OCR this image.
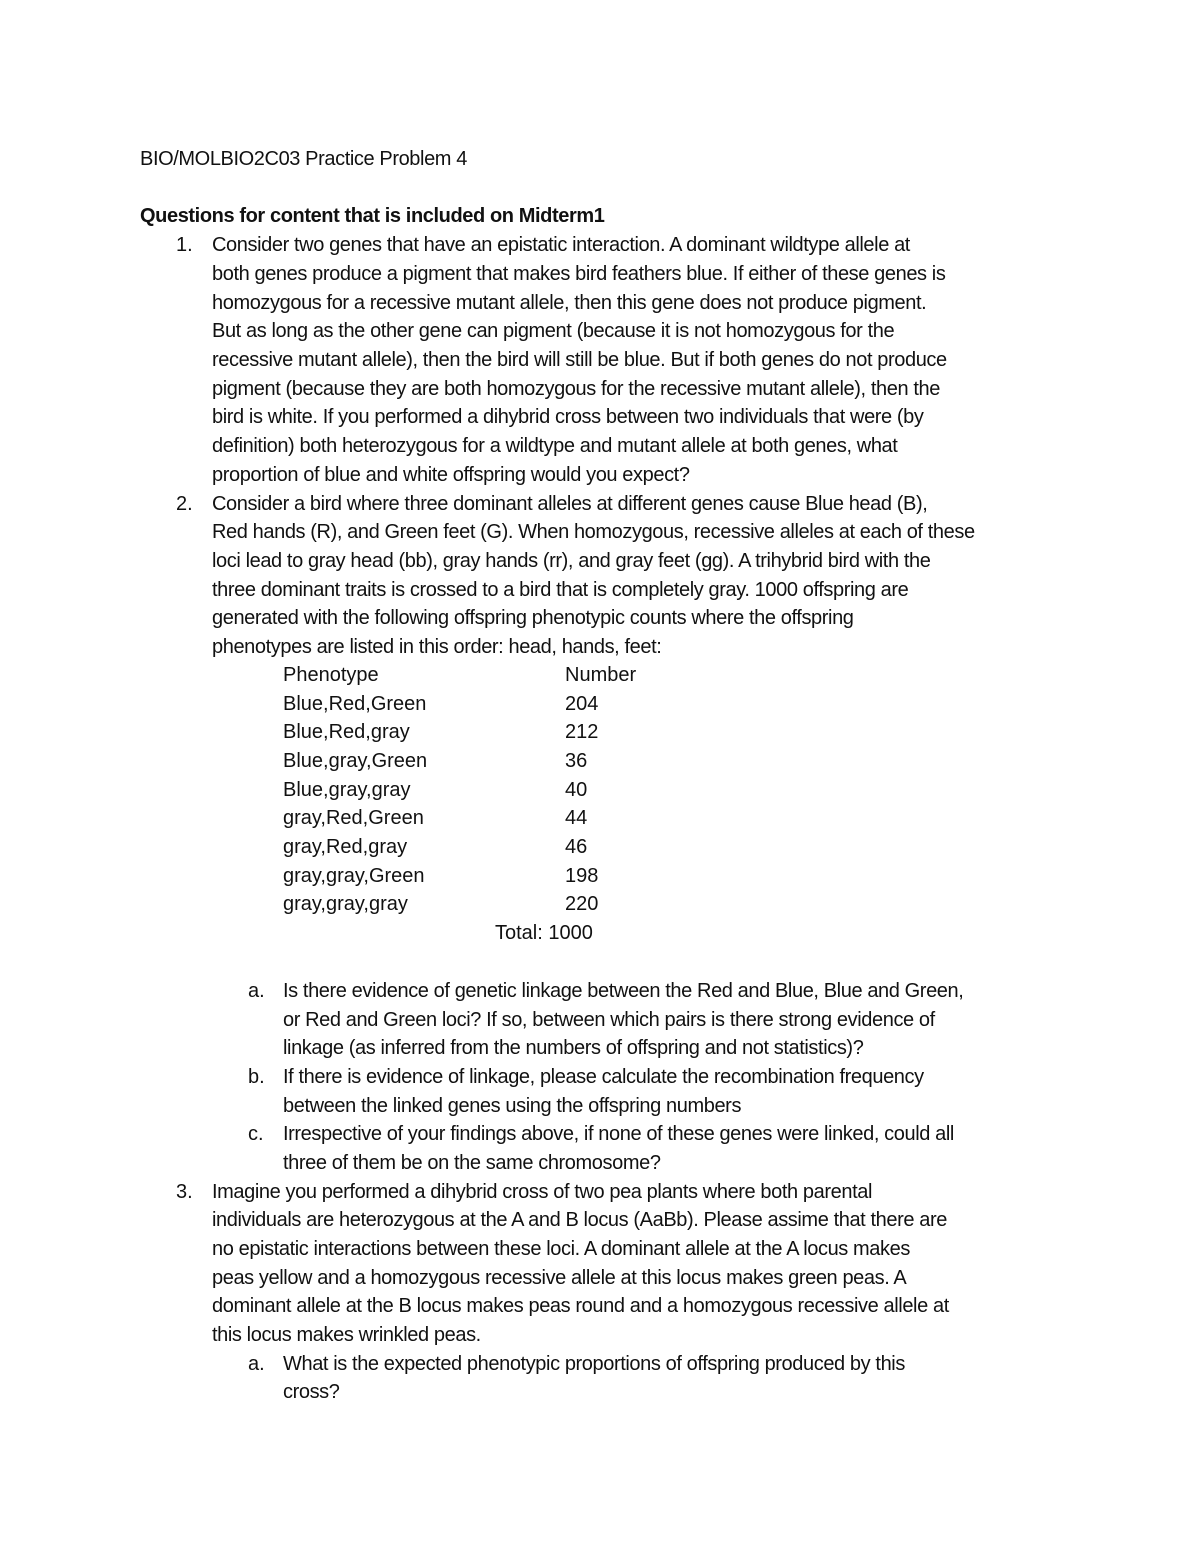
BIO/MOLBIO2C03 Practice Problem 4
Questions for content that is included on Midterm1
1. Consider two genes that have an epistatic interaction. A dominant wildtype allele at
both genes produce a pigment that makes bird feathers blue. If either of these genes is
homozygous for a recessive mutant allele, then this gene does not produce pigment.
But as long as the other gene can pigment (because it is not homozygous for the
recessive mutant allele), then the bird will still be blue. But if both genes do not produce
pigment (because they are both homozygous for the recessive mutant allele), then the
bird is white. If you performed a dihybrid cross between two individuals that were (by
definition) both heterozygous for a wildtype and mutant allele at both genes, what
proportion of blue and white offspring would you expect?
2. Consider a bird where three dominant alleles at different genes cause Blue head (B),
Red hands (R), and Green feet (G). When homozygous, recessive alleles at each of these
loci lead to gray head (bb), gray hands (rr), and gray feet (gg). A trihybrid bird with the
three dominant traits is crossed to a bird that is completely gray. 1000 offspring are
generated with the following offspring phenotypic counts where the offspring
phenotypes are listed in this order: head, hands, feet:
Phenotype	Number
Blue,Red,Green	204
Blue,Red,gray	212
Blue,gray,Green	36
Blue,gray,gray	40
gray,Red,Green	44
gray,Red,gray	46
gray,gray,Green	198
gray,gray,gray	220
Total: 1000
a. Is there evidence of genetic linkage between the Red and Blue, Blue and Green,
or Red and Green loci? If so, between which pairs is there strong evidence of
linkage (as inferred from the numbers of offspring and not statistics)?
b. If there is evidence of linkage, please calculate the recombination frequency
between the linked genes using the offspring numbers
c. Irrespective of your findings above, if none of these genes were linked, could all
three of them be on the same chromosome?
3. Imagine you performed a dihybrid cross of two pea plants where both parental
individuals are heterozygous at the A and B locus (AaBb). Please assime that there are
no epistatic interactions between these loci. A dominant allele at the A locus makes
peas yellow and a homozygous recessive allele at this locus makes green peas. A
dominant allele at the B locus makes peas round and a homozygous recessive allele at
this locus makes wrinkled peas.
a. What is the expected phenotypic proportions of offspring produced by this
cross?
